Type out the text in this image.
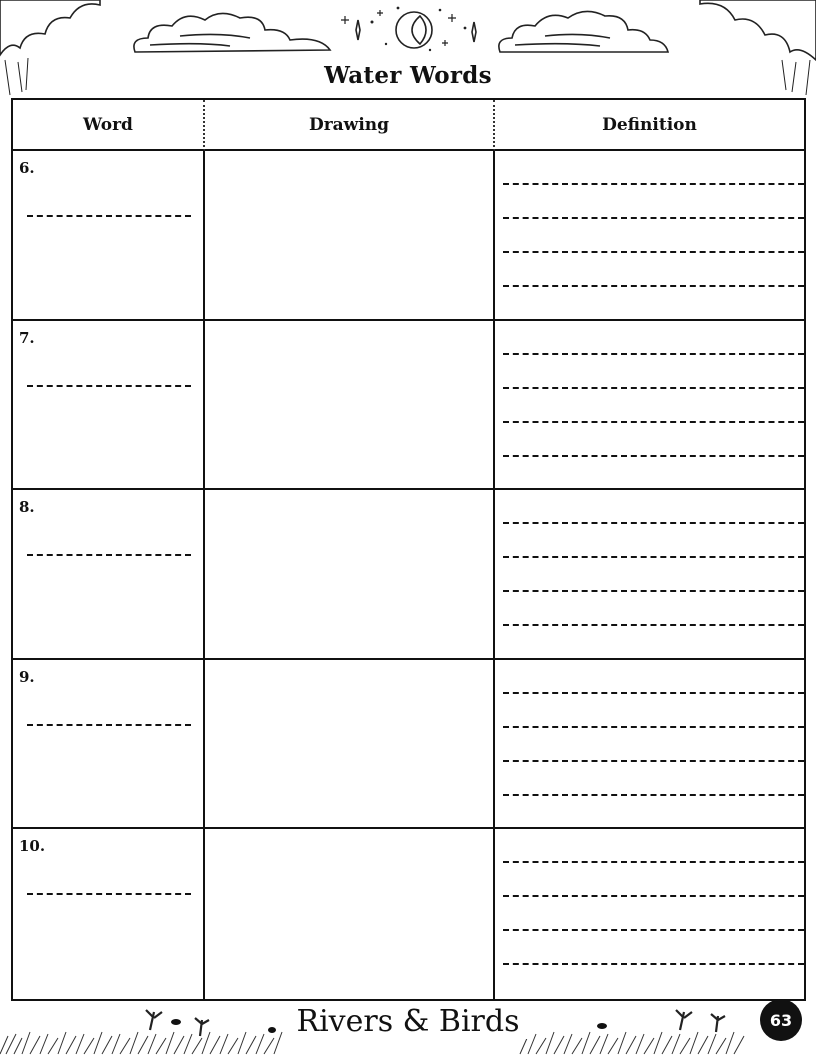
Water Words
Word	Drawing	Definition
6.
7.
8.
9.
10.
Rivers & Birds	63
